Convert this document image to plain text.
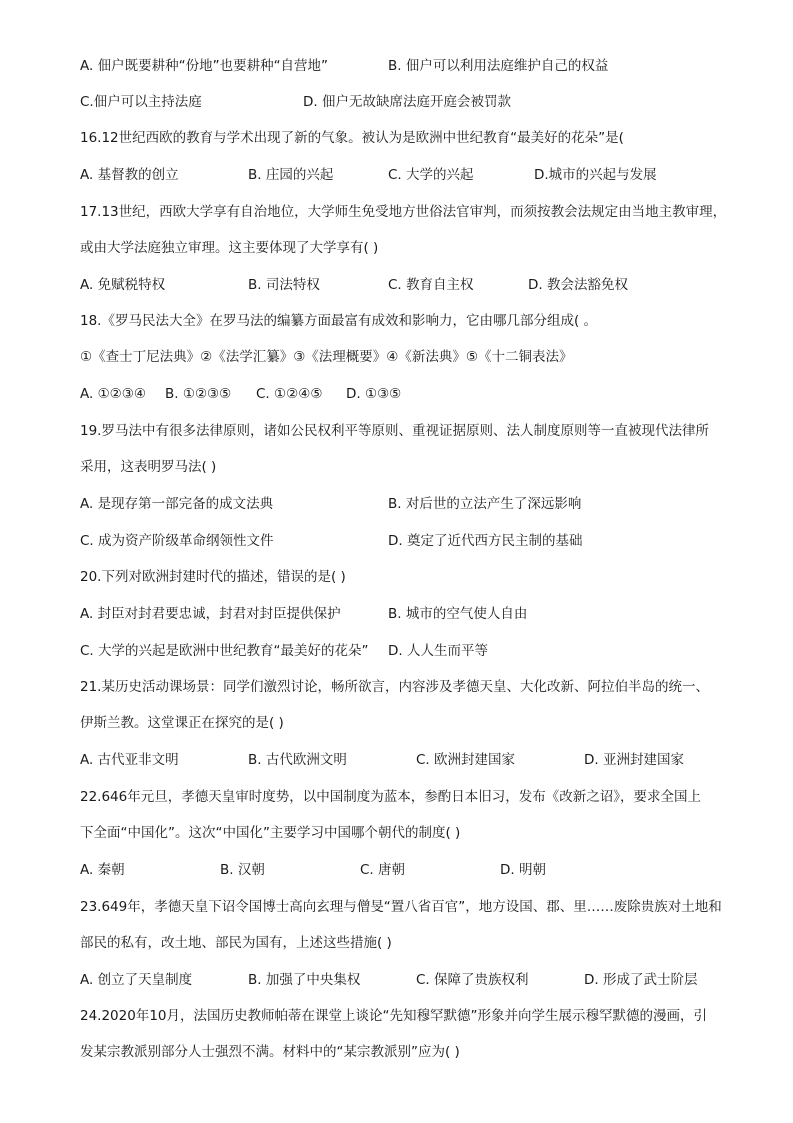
A. 佃户既要耕种“份地”也要耕种“自营地”	B. 佃户可以利用法庭维护自己的权益
C.佃户可以主持法庭	D. 佃户无故缺席法庭开庭会被罚款
16.12世纪西欧的教育与学术出现了新的气象。被认为是欧洲中世纪教育“最美好的花朵”是(
A. 基督教的创立	B. 庄园的兴起	C. 大学的兴起	D.城市的兴起与发展
17.13世纪，西欧大学享有自治地位，大学师生免受地方世俗法官审判，而须按教会法规定由当地主教审理，
或由大学法庭独立审理。这主要体现了大学享有( )
A. 免赋税特权	B. 司法特权	C. 教育自主权	D. 教会法豁免权
18.《罗马民法大全》在罗马法的编纂方面最富有成效和影响力，它由哪几部分组成( 。
①《查士丁尼法典》②《法学汇纂》③《法理概要》④《新法典》⑤《十二铜表法》
A. ①②③④ B. ①②③⑤ C. ①②④⑤ D. ①③⑤
19.罗马法中有很多法律原则，诸如公民权利平等原则、重视证据原则、法人制度原则等一直被现代法律所
采用，这表明罗马法( )
A. 是现存第一部完备的成文法典	B. 对后世的立法产生了深远影响
C. 成为资产阶级革命纲领性文件	D. 奠定了近代西方民主制的基础
20.下列对欧洲封建时代的描述，错误的是( )
A. 封臣对封君要忠诚，封君对封臣提供保护	B. 城市的空气使人自由
C. 大学的兴起是欧洲中世纪教育“最美好的花朵” D. 人人生而平等
21.某历史活动课场景：同学们激烈讨论，畅所欲言，内容涉及孝德天皇、大化改新、阿拉伯半岛的统一、
伊斯兰教。这堂课正在探究的是( )
A. 古代亚非文明	B. 古代欧洲文明	C. 欧洲封建国家	D. 亚洲封建国家
22.646年元旦，孝德天皇审时度势，以中国制度为蓝本，参酌日本旧习，发布《改新之诏》，要求全国上
下全面“中国化”。这次“中国化”主要学习中国哪个朝代的制度( )
A. 秦朝	B. 汉朝	C. 唐朝	D. 明朝
23.649年，孝德天皇下诏令国博士高向玄理与僧旻“置八省百官”，地方设国、郡、里……废除贵族对土地和
部民的私有，改土地、部民为国有，上述这些措施( )
A. 创立了天皇制度	B. 加强了中央集权	C. 保障了贵族权利	D. 形成了武士阶层
24.2020年10月，法国历史教师帕蒂在课堂上谈论“先知穆罕默德”形象并向学生展示穆罕默德的漫画，引
发某宗教派别部分人士强烈不满。材料中的“某宗教派别”应为( )
